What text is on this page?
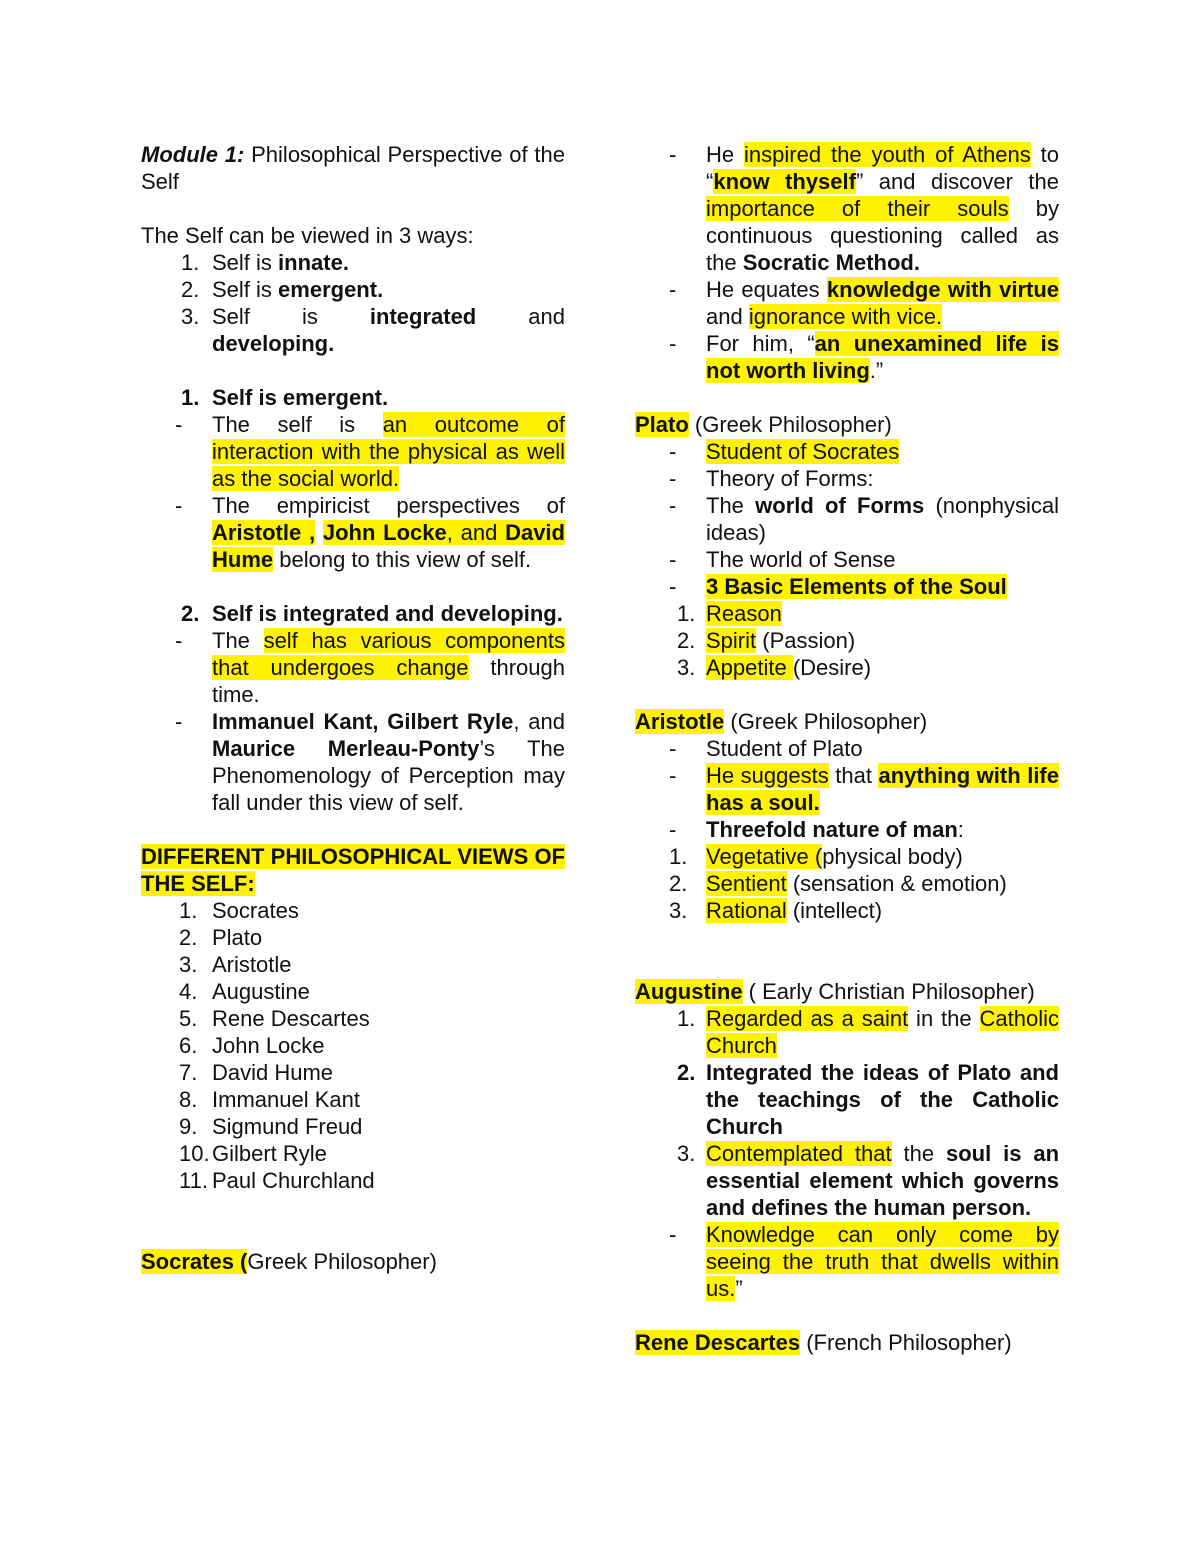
Module 1: Philosophical Perspective of the Self

The Self can be viewed in 3 ways:

1. Self is innate.
2. Self is emergent.
3. Self is integrated and
developing.
1. Self is emergent.
-	The self is an outcome of interaction with the physical as well as the social world.
-	The empiricist perspectives of Aristotle , John Locke, and David Hume belong to this view of self.
2. Self is integrated and developing.
-	The self has various components that undergoes change through time.
-	Immanuel Kant, Gilbert Ryle, and Maurice Merleau-Ponty’s The Phenomenology of Perception may fall under this view of self.

DIFFERENT PHILOSOPHICAL VIEWS OF THE SELF:

1. Socrates
2. Plato
3. Aristotle
4. Augustine
5. Rene Descartes
6. John Locke
7. David Hume
8. Immanuel Kant
9. Sigmund Freud
10. Gilbert Ryle
11. Paul Churchland

Socrates (Greek Philosopher)

-	He inspired the youth of Athens to “know thyself” and discover the importance of their souls by continuous questioning called as the Socratic Method.
-	He equates knowledge with virtue and ignorance with vice.
-	For him, “an unexamined life is not worth living.”

Plato (Greek Philosopher)

-	Student of Socrates
-	Theory of Forms:
-	The world of Forms (nonphysical ideas)
-	The world of Sense
-	3 Basic Elements of the Soul
1. Reason
2. Spirit (Passion)
3. Appetite (Desire)

Aristotle (Greek Philosopher)

-	Student of Plato
-	He suggests that anything with life has a soul.
-	Threefold nature of man:
1. Vegetative (physical body)
2. Sentient (sensation & emotion)
3. Rational (intellect)

Augustine ( Early Christian Philosopher)

1. Regarded as a saint in the Catholic Church
2. Integrated the ideas of Plato and the teachings of the Catholic Church
3. Contemplated that the soul is an essential element which governs and defines the human person.
-	Knowledge can only come by seeing the truth that dwells within us.”

Rene Descartes (French Philosopher)
